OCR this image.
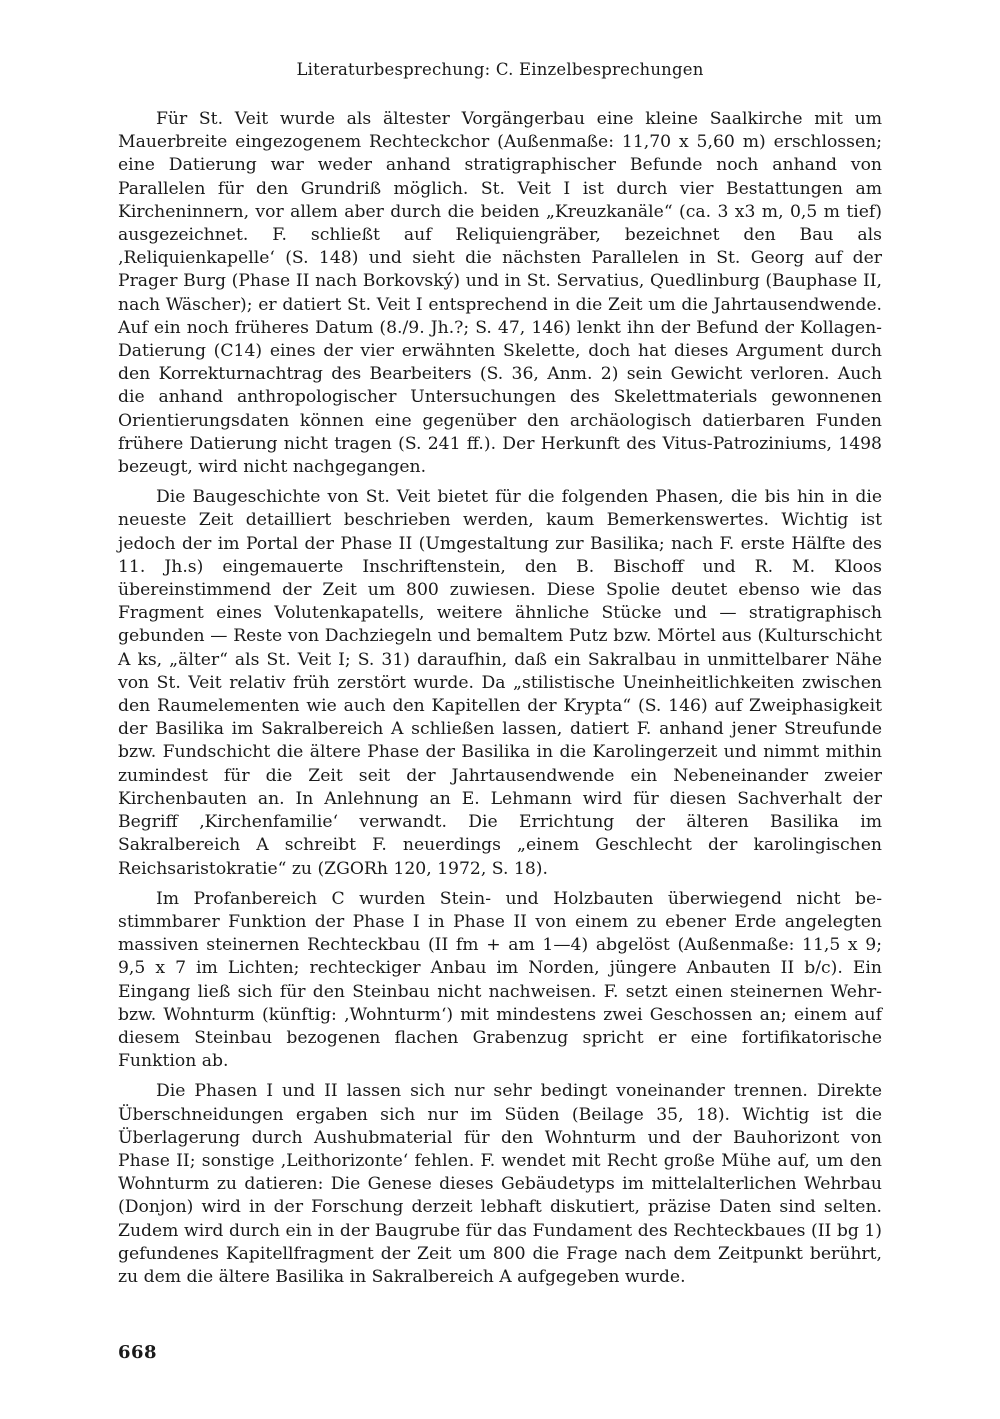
Literaturbesprechung: C. Einzelbesprechungen

Für St. Veit wurde als ältester Vorgängerbau eine kleine Saalkirche mit um Mauerbreite eingezogenem Rechteckchor (Außenmaße: 11,70 x 5,60 m) erschlossen; eine Datierung war weder anhand stratigraphischer Befunde noch anhand von Parallelen für den Grundriß möglich. St. Veit I ist durch vier Bestattungen am Kircheninnern, vor allem aber durch die beiden „Kreuzkanäle“ (ca. 3 x3 m, 0,5 m tief) ausgezeichnet. F. schließt auf Reliquiengräber, bezeichnet den Bau als ‚Reliquienkapelle‘ (S. 148) und sieht die nächsten Parallelen in St. Georg auf der Prager Burg (Phase II nach Borkovský) und in St. Servatius, Quedlinburg (Bauphase II, nach Wäscher); er datiert St. Veit I entsprechend in die Zeit um die Jahrtausendwende. Auf ein noch früheres Datum (8./9. Jh.?; S. 47, 146) lenkt ihn der Befund der Kollagen-Datierung (C14) eines der vier erwähnten Skelette, doch hat dieses Argument durch den Korrekturnachtrag des Bearbeiters (S. 36, Anm. 2) sein Gewicht verloren. Auch die anhand anthropologischer Untersuchungen des Skelettmaterials gewonnenen Orientierungsdaten können eine gegenüber den archäologisch datierbaren Funden frühere Datierung nicht tragen (S. 241 ff.). Der Herkunft des Vitus-Patroziniums, 1498 bezeugt, wird nicht nachgegangen.

Die Baugeschichte von St. Veit bietet für die folgenden Phasen, die bis hin in die neueste Zeit detailliert beschrieben werden, kaum Bemerkenswertes. Wichtig ist jedoch der im Portal der Phase II (Umgestaltung zur Basilika; nach F. erste Hälfte des 11. Jh.s) eingemauerte Inschriftenstein, den B. Bischoff und R. M. Kloos übereinstimmend der Zeit um 800 zuwiesen. Diese Spolie deutet ebenso wie das Fragment eines Volutenkapatells, weitere ähnliche Stücke und — stratigraphisch gebunden — Reste von Dachziegeln und bemaltem Putz bzw. Mörtel aus (Kulturschicht A ks, „älter“ als St. Veit I; S. 31) daraufhin, daß ein Sakralbau in unmittelbarer Nähe von St. Veit relativ früh zerstört wurde. Da „stilistische Uneinheitlichkeiten zwischen den Raumelementen wie auch den Kapitellen der Krypta“ (S. 146) auf Zweiphasigkeit der Basilika im Sakralbereich A schließen lassen, datiert F. anhand jener Streufunde bzw. Fundschicht die ältere Phase der Basilika in die Karolingerzeit und nimmt mithin zumindest für die Zeit seit der Jahrtausendwende ein Nebeneinander zweier Kirchenbauten an. In Anlehnung an E. Lehmann wird für diesen Sachverhalt der Begriff ‚Kirchenfamilie‘ verwandt. Die Errichtung der älteren Basilika im Sakralbereich A schreibt F. neuerdings „einem Geschlecht der karolingischen Reichsaristokratie“ zu (ZGORh 120, 1972, S. 18).

Im Profanbereich C wurden Stein- und Holzbauten überwiegend nicht bestimmbarer Funktion der Phase I in Phase II von einem zu ebener Erde angelegten massiven steinernen Rechteckbau (II fm + am 1—4) abgelöst (Außenmaße: 11,5 x 9; 9,5 x 7 im Lichten; rechteckiger Anbau im Norden, jüngere Anbauten II b/c). Ein Eingang ließ sich für den Steinbau nicht nachweisen. F. setzt einen steinernen Wehr- bzw. Wohnturm (künftig: ‚Wohnturm‘) mit mindestens zwei Geschossen an; einem auf diesem Steinbau bezogenen flachen Grabenzug spricht er eine fortifikatorische Funktion ab.

Die Phasen I und II lassen sich nur sehr bedingt voneinander trennen. Direkte Überschneidungen ergaben sich nur im Süden (Beilage 35, 18). Wichtig ist die Überlagerung durch Aushubmaterial für den Wohnturm und der Bauhorizont von Phase II; sonstige ‚Leithorizonte‘ fehlen. F. wendet mit Recht große Mühe auf, um den Wohnturm zu datieren: Die Genese dieses Gebäudetyps im mittelalterlichen Wehrbau (Donjon) wird in der Forschung derzeit lebhaft diskutiert, präzise Daten sind selten. Zudem wird durch ein in der Baugrube für das Fundament des Rechteckbaues (II bg 1) gefundenes Kapitellfragment der Zeit um 800 die Frage nach dem Zeitpunkt berührt, zu dem die ältere Basilika in Sakralbereich A aufgegeben wurde.

668
